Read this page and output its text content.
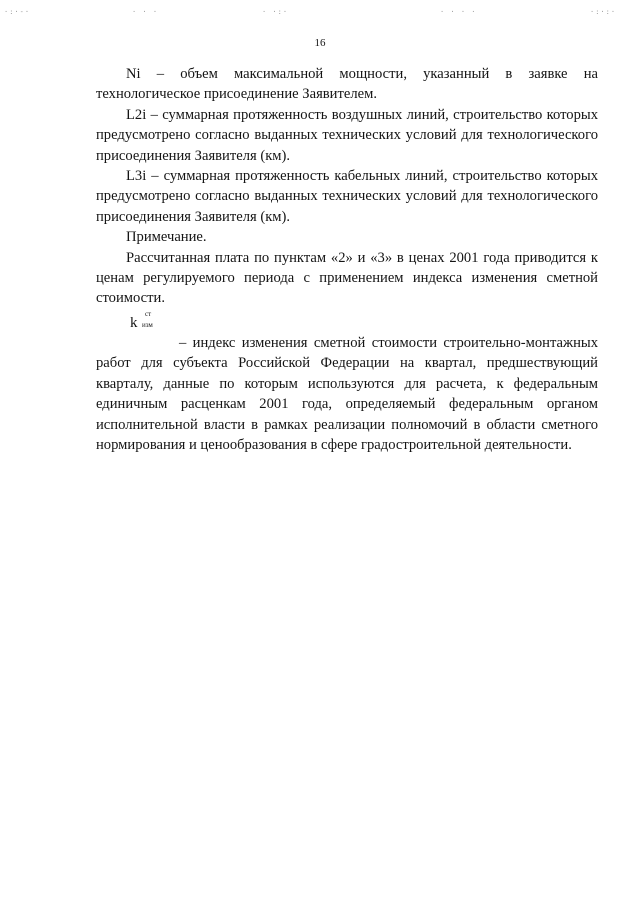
·:·-·	· · ·	· ·:·	· · · ·	·:·:·
16

Ni – объем максимальной мощности, указанный в заявке на технологическое присоединение Заявителем.

L2i – суммарная протяженность воздушных линий, строительство которых предусмотрено согласно выданных технических условий для технологического присоединения Заявителя (км).

L3i – суммарная протяженность кабельных линий, строительство которых предусмотрено согласно выданных технических условий для технологического присоединения Заявителя (км).

Примечание.

Рассчитанная плата по пунктам «2» и «3» в ценах 2001 года приводится к ценам регулируемого периода с применением индекса изменения сметной стоимости.

k
ст
изм

– индекс изменения сметной стоимости строительно-монтажных работ для субъекта Российской Федерации на квартал, предшествующий кварталу, данные по которым используются для расчета, к федеральным единичным расценкам 2001 года, определяемый федеральным органом исполнительной власти в рамках реализации полномочий в области сметного нормирования и ценообразования в сфере градостроительной деятельности.
